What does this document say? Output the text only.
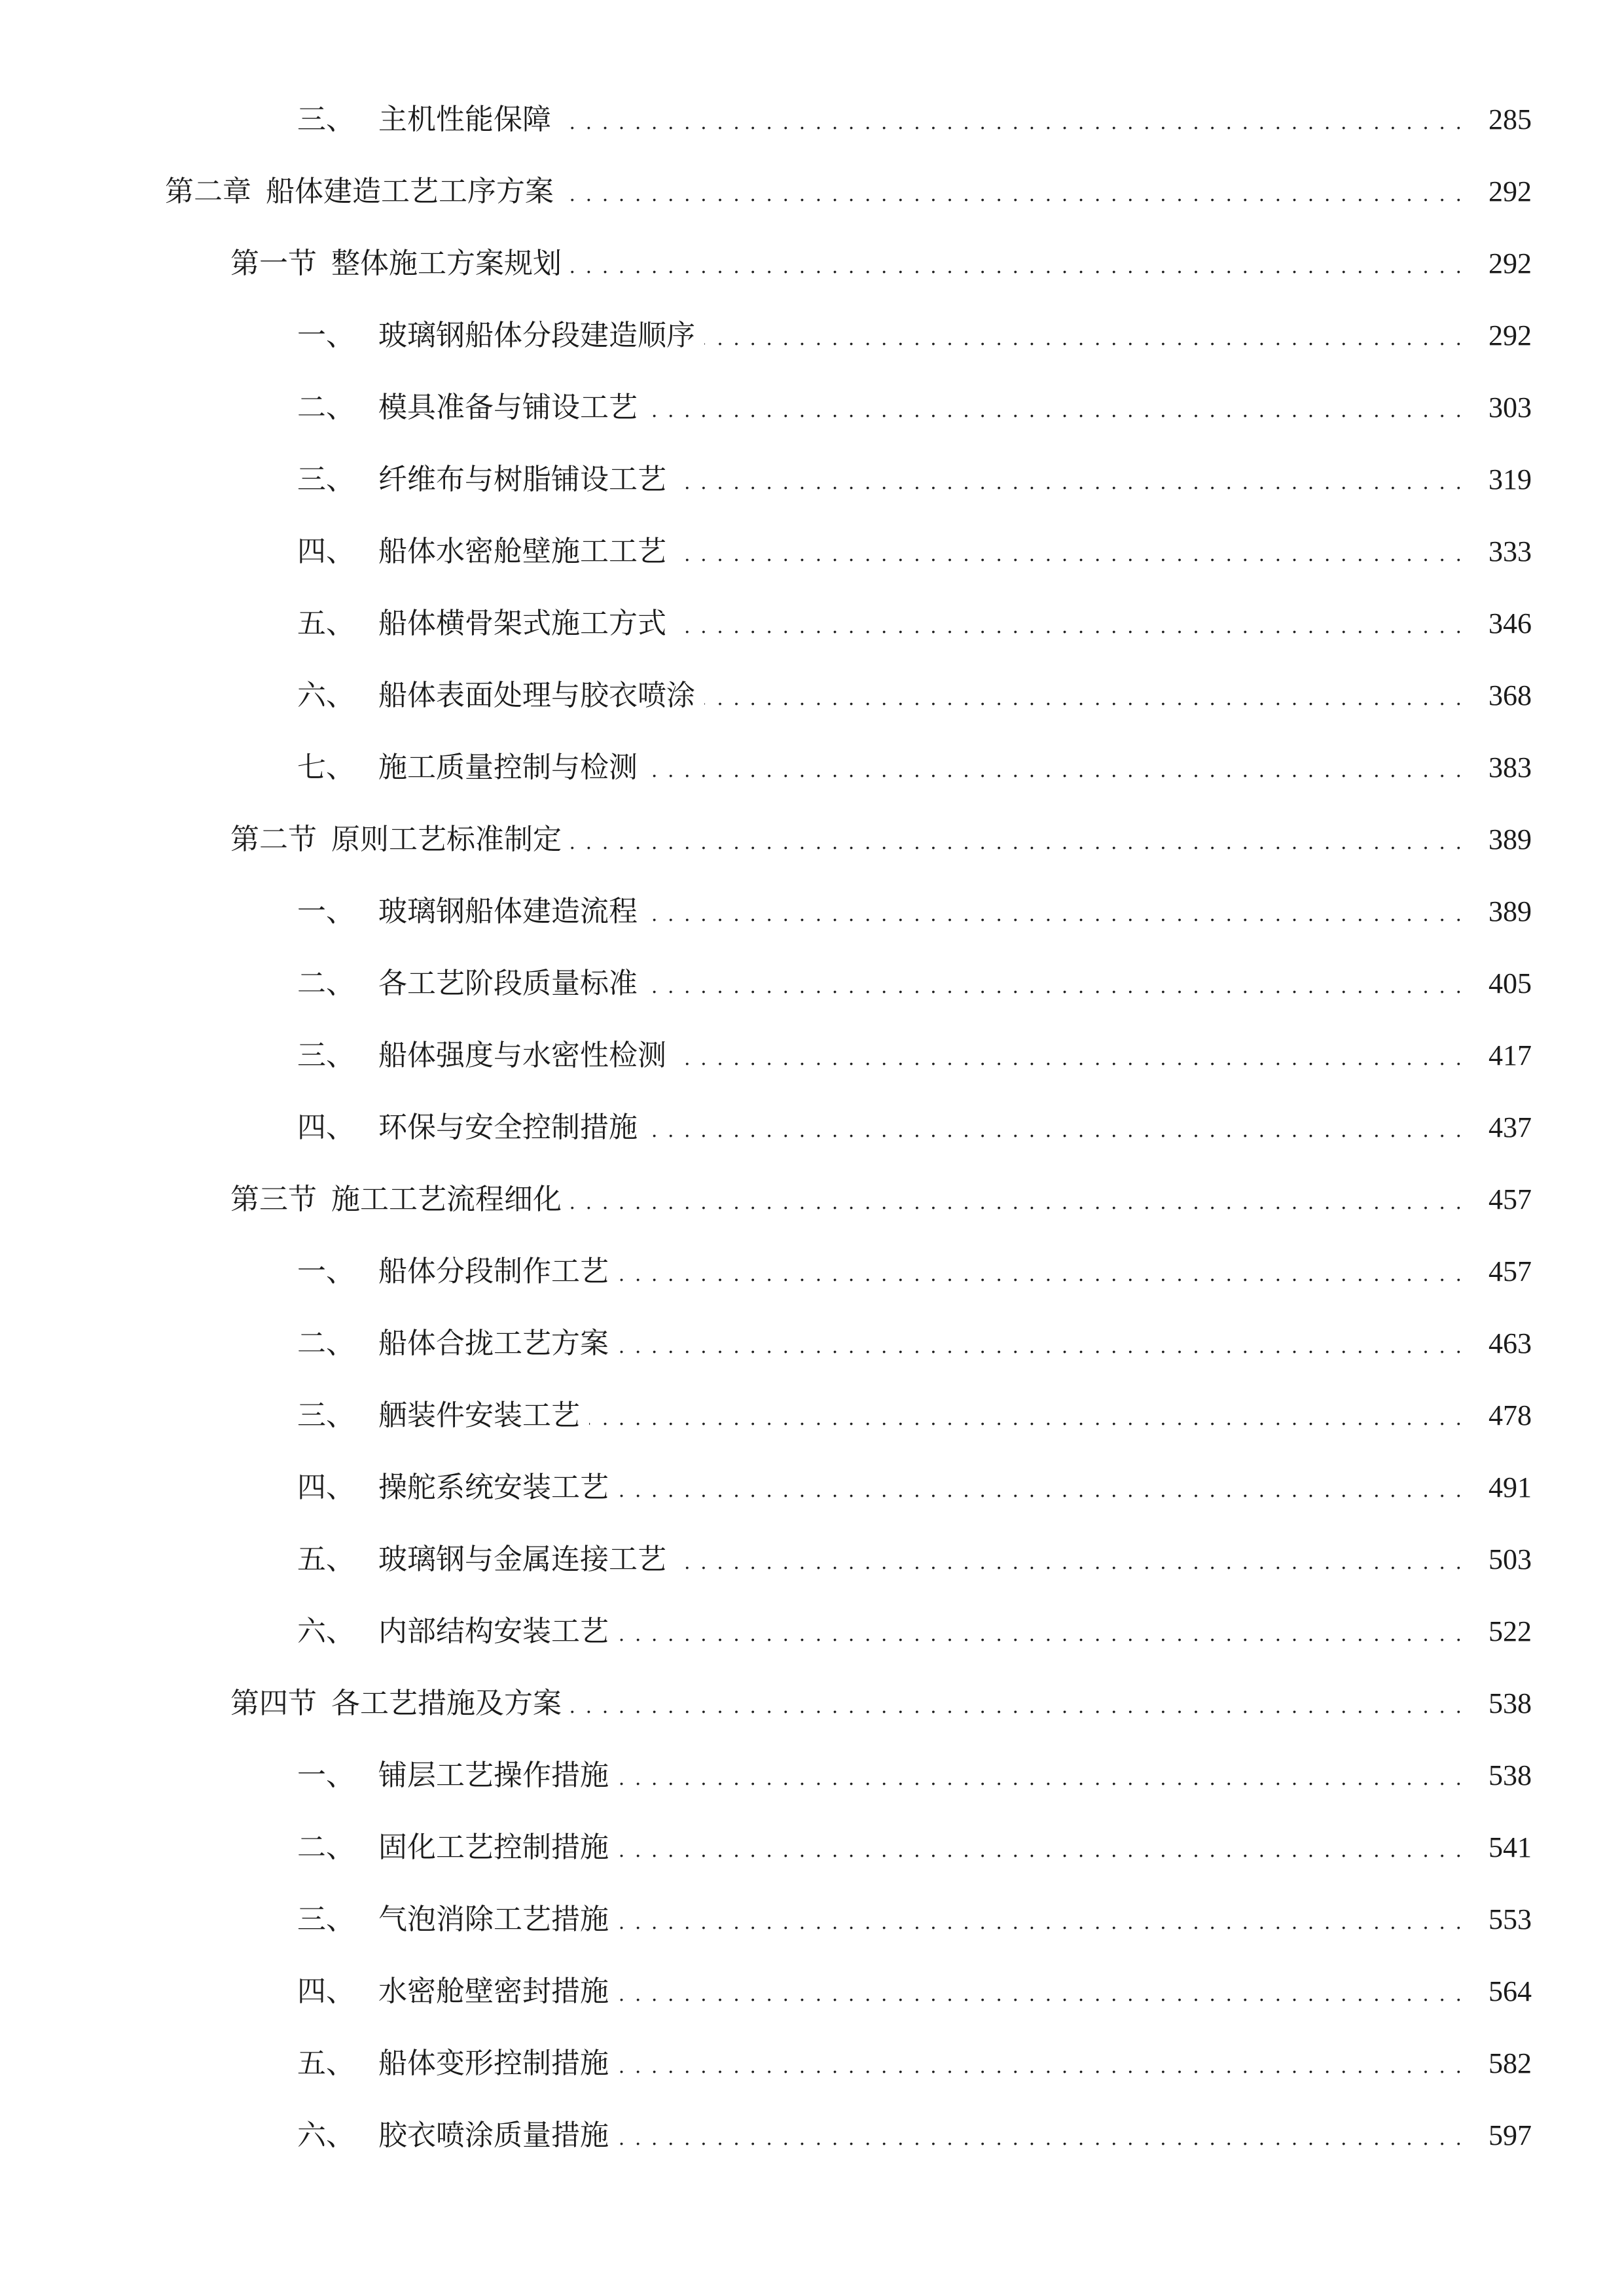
三、 主机性能保障 . . .	285
第二章 船体建造工艺工序方案 . . .	292
第一节 整体施工方案规划 . . .	292
一、 玻璃钢船体分段建造顺序 . . .	292
二、 模具准备与铺设工艺 . . .	303
三、 纤维布与树脂铺设工艺 . . .	319
四、 船体水密舱壁施工工艺 . . .	333
五、 船体横骨架式施工方式 . . .	346
六、 船体表面处理与胶衣喷涂 . . .	368
七、 施工质量控制与检测 . . .	383
第二节 原则工艺标准制定 . . .	389
一、 玻璃钢船体建造流程 . . .	389
二、 各工艺阶段质量标准 . . .	405
三、 船体强度与水密性检测 . . .	417
四、 环保与安全控制措施 . . .	437
第三节 施工工艺流程细化 . . .	457
一、 船体分段制作工艺 . . .	457
二、 船体合拢工艺方案 . . .	463
三、 舾装件安装工艺 . . .	478
四、 操舵系统安装工艺 . . .	491
五、 玻璃钢与金属连接工艺 . . .	503
六、 内部结构安装工艺 . . .	522
第四节 各工艺措施及方案 . . .	538
一、 铺层工艺操作措施 . . .	538
二、 固化工艺控制措施 . . .	541
三、 气泡消除工艺措施 . . .	553
四、 水密舱壁密封措施 . . .	564
五、 船体变形控制措施 . . .	582
六、 胶衣喷涂质量措施 . . .	597
